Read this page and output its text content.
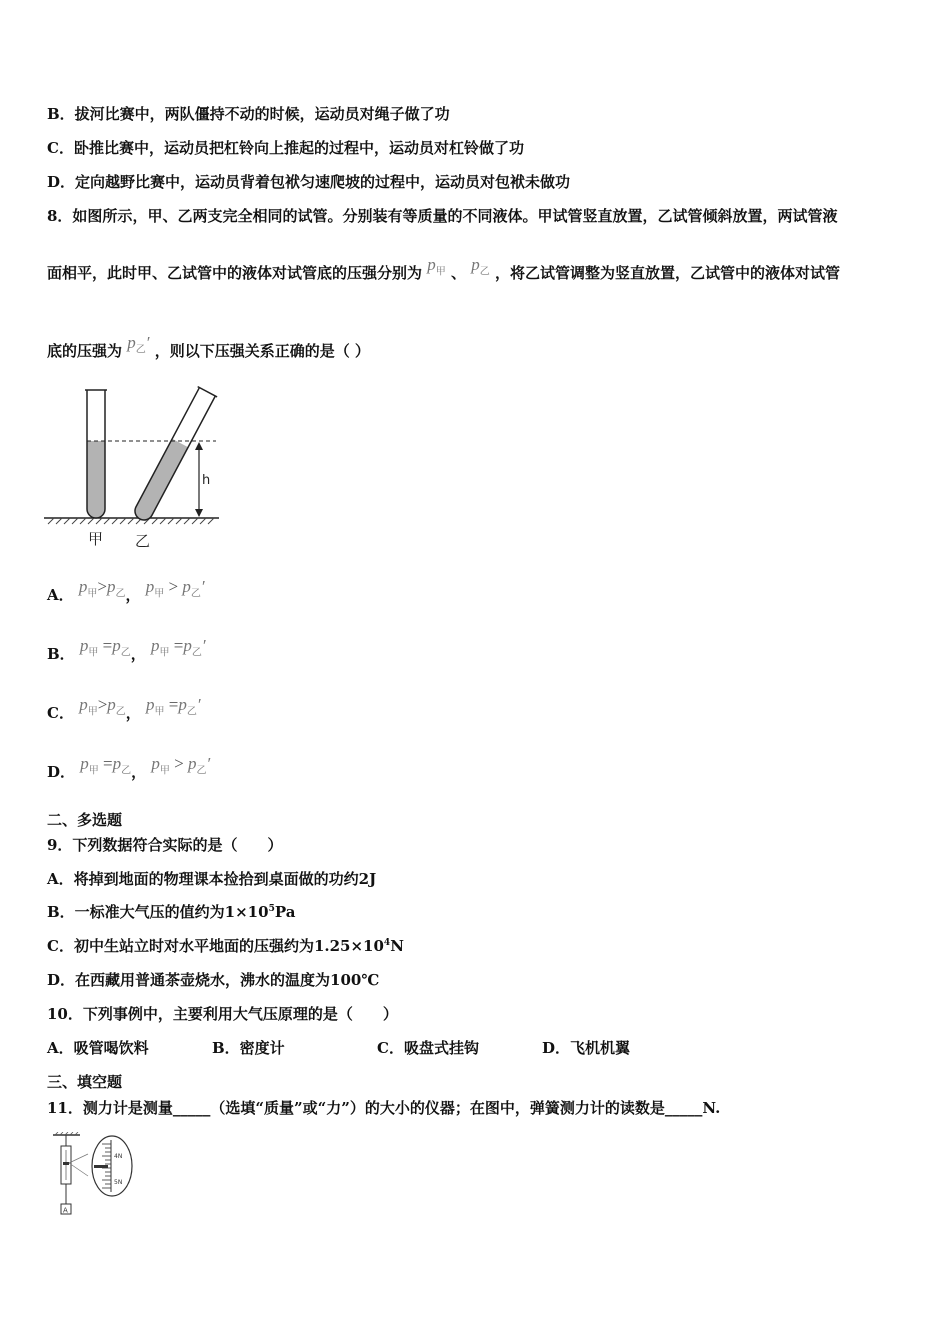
B．拔河比赛中，两队僵持不动的时候，运动员对绳子做了功
C．卧推比赛中，运动员把杠铃向上推起的过程中，运动员对杠铃做了功
D．定向越野比赛中，运动员背着包袱匀速爬坡的过程中，运动员对包袱未做功
8．如图所示，甲、乙两支完全相同的试管。分别装有等质量的不同液体。甲试管竖直放置，乙试管倾斜放置，两试管液
面相平，此时甲、乙试管中的液体对试管底的压强分别为 $p_甲$ 、 $p_乙$ ，将乙试管调整为竖直放置，乙试管中的液体对试管
底的压强为 $p_乙'$ ，则以下压强关系正确的是（ ）
h
甲 乙
A． $p_甲>p_乙$， $p_甲 > p_乙'$
B． $p_甲 =p_乙$， $p_甲 =p_乙'$
C． $p_甲>p_乙$， $p_甲 =p_乙'$
D． $p_甲 =p_乙$， $p_甲 > p_乙'$
二、多选题
9．下列数据符合实际的是（　　）
A．将掉到地面的物理课本捡拾到桌面做的功约2J
B．一标准大气压的值约为$1\times 10^5Pa$
C．初中生站立时对水平地面的压强约为$1.25\times 10^4N$
D．在西藏用普通茶壶烧水，沸水的温度为100℃
10．下列事例中，主要利用大气压原理的是（　　）
A．吸管喝饮料	B．密度计	C．吸盘式挂钩	D．飞机机翼
三、填空题
11．测力计是测量_____（选填“质量”或“力”）的大小的仪器；在图中，弹簧测力计的读数是_____N.
A
4N
5N
